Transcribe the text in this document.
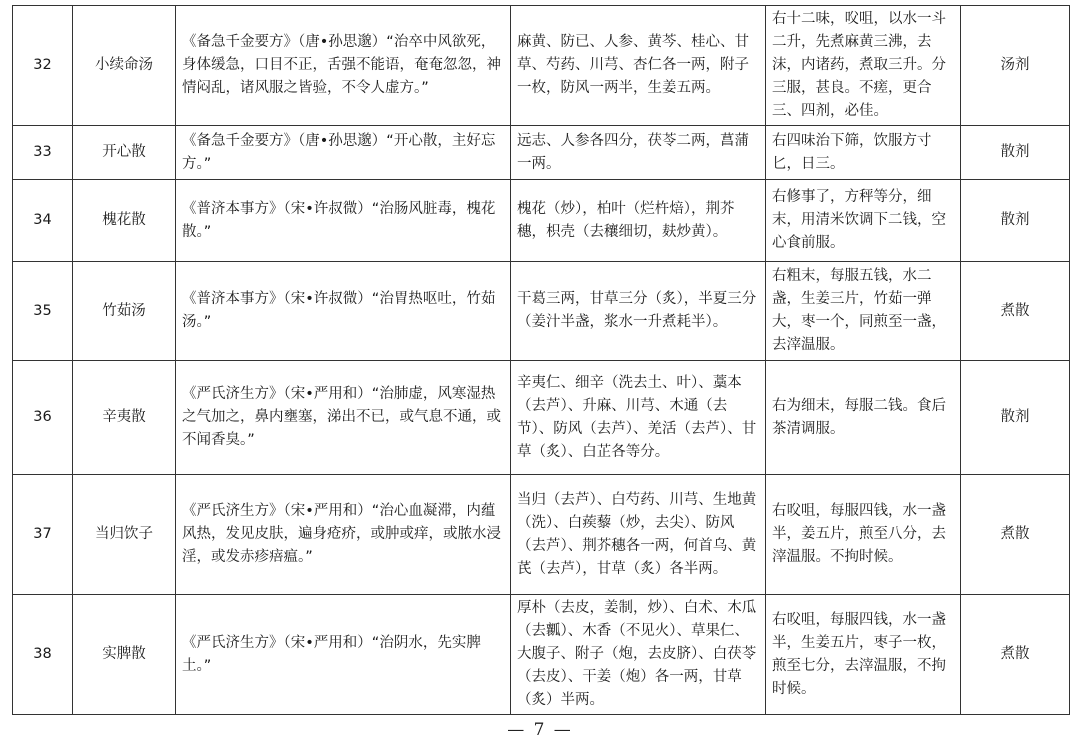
32	小续命汤	《备急千金要方》（唐•孙思邈）“治卒中风欲死，身体缓急，口目不正，舌强不能语，奄奄忽忽，神情闷乱，诸风服之皆验，不令人虚方。”	麻黄、防已、人参、黄芩、桂心、甘草、芍药、川芎、杏仁各一两，附子一枚，防风一两半，生姜五两。	右十二味，㕮咀，以水一斗二升，先煮麻黄三沸，去沫，内诸药，煮取三升。分三服，甚良。不瘥，更合三、四剂，必佳。	汤剂
33	开心散	《备急千金要方》（唐•孙思邈）“开心散，主好忘方。”	远志、人参各四分，茯苓二两，菖蒲一两。	右四味治下筛，饮服方寸匕，日三。	散剂
34	槐花散	《普济本事方》（宋•许叔微）“治肠风脏毒，槐花散。”	槐花（炒），柏叶（烂杵焙），荆芥穗，枳壳（去穰细切，麸炒黄）。	右修事了，方秤等分，细末，用清米饮调下二钱，空心食前服。	散剂
35	竹茹汤	《普济本事方》（宋•许叔微）“治胃热呕吐，竹茹汤。”	干葛三两，甘草三分（炙），半夏三分（姜汁半盏，浆水一升煮耗半）。	右粗末，每服五钱，水二盏，生姜三片，竹茹一弹大，枣一个，同煎至一盏，去滓温服。	煮散
36	辛夷散	《严氏济生方》（宋•严用和）“治肺虚，风寒湿热之气加之，鼻内壅塞，涕出不已，或气息不通，或不闻香臭。”	辛夷仁、细辛（洗去土、叶）、藁本（去芦）、升麻、川芎、木通（去节）、防风（去芦）、羌活（去芦）、甘草（炙）、白芷各等分。	右为细末，每服二钱。食后茶清调服。	散剂
37	当归饮子	《严氏济生方》（宋•严用和）“治心血凝滞，内蕴风热，发见皮肤，遍身疮疥，或肿或痒，或脓水浸淫，或发赤疹㾦瘟。”	当归（去芦）、白芍药、川芎、生地黄（洗）、白蒺藜（炒，去尖）、防风（去芦）、荆芥穗各一两，何首乌、黄芪（去芦），甘草（炙）各半两。	右㕮咀，每服四钱，水一盏半，姜五片，煎至八分，去滓温服。不拘时候。	煮散
38	实脾散	《严氏济生方》（宋•严用和）“治阴水，先实脾土。”	厚朴（去皮，姜制，炒）、白术、木瓜（去瓤）、木香（不见火）、草果仁、大腹子、附子（炮，去皮脐）、白茯苓（去皮）、干姜（炮）各一两，甘草（炙）半两。	右㕮咀，每服四钱，水一盏半，生姜五片，枣子一枚，煎至七分，去滓温服，不拘时候。	煮散
— 7 —
